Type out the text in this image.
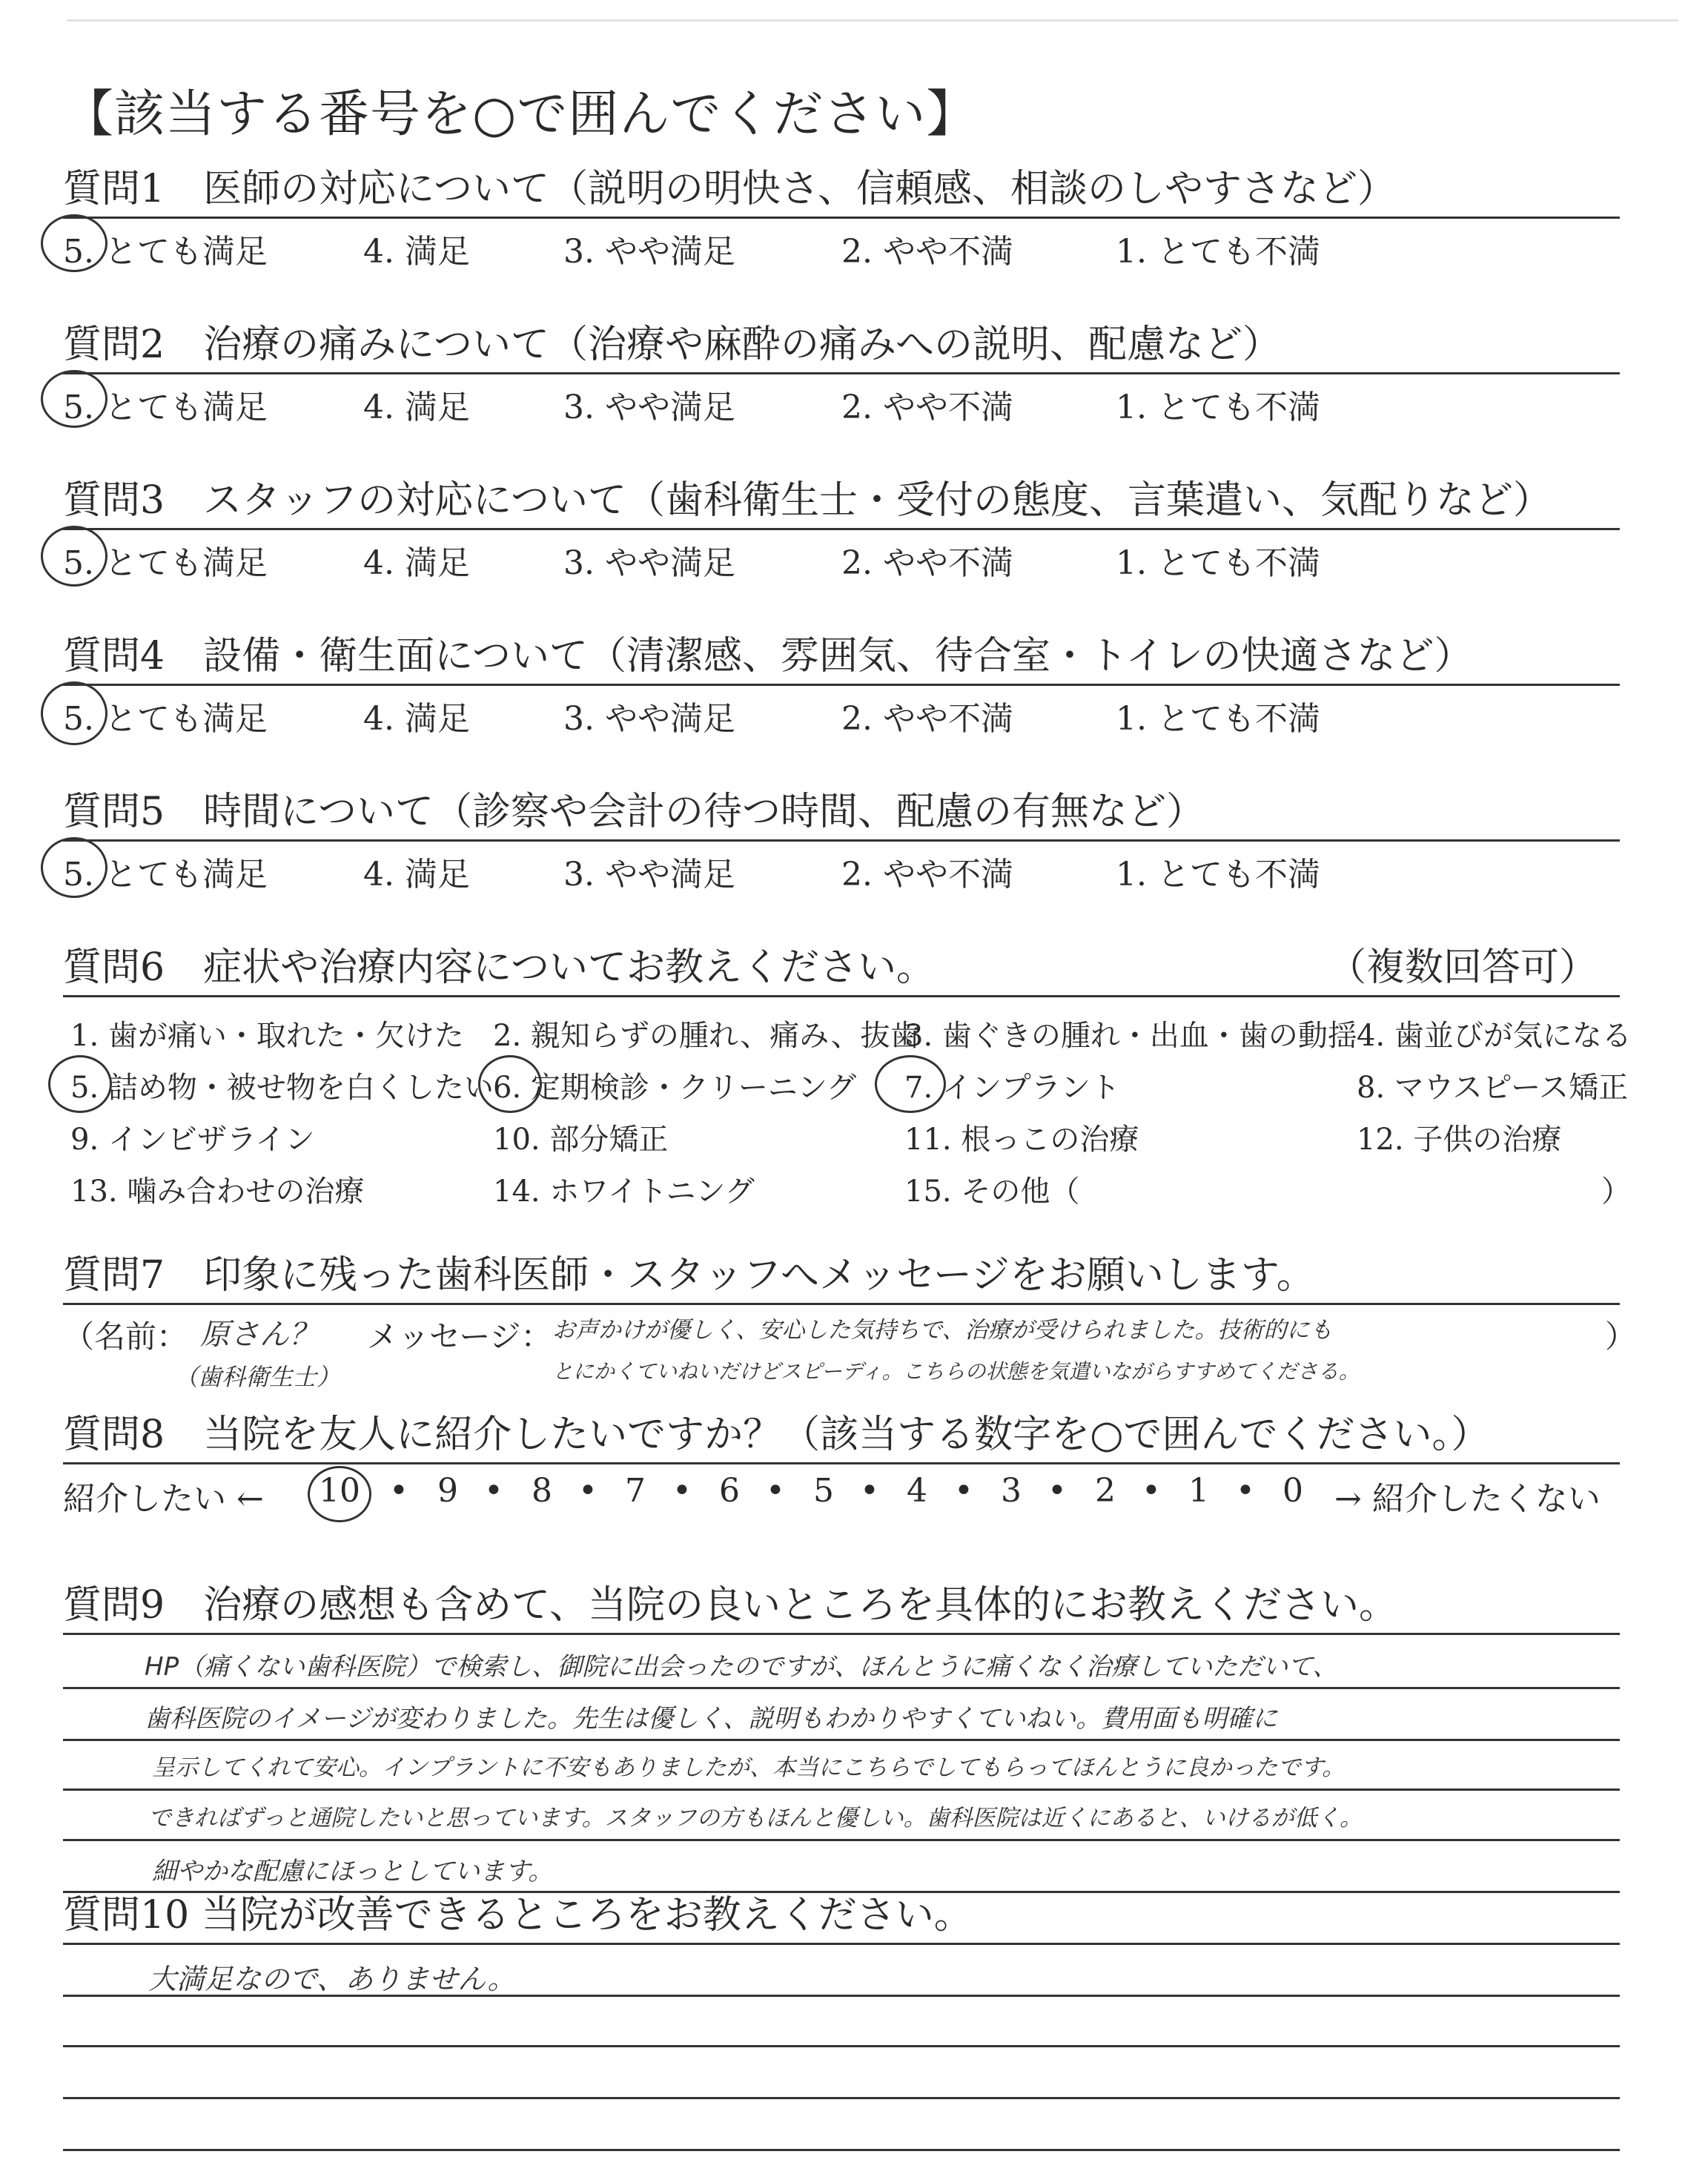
【該当する番号を○で囲んでください】
質問1　医師の対応について（説明の明快さ、信頼感、相談のしやすさなど）
5. とても満足	4. 満足	3. やや満足	2. やや不満	1. とても不満
質問2　治療の痛みについて（治療や麻酔の痛みへの説明、配慮など）
5. とても満足	4. 満足	3. やや満足	2. やや不満	1. とても不満
質問3　スタッフの対応について（歯科衛生士・受付の態度、言葉遣い、気配りなど）
5. とても満足	4. 満足	3. やや満足	2. やや不満	1. とても不満
質問4　設備・衛生面について（清潔感、雰囲気、待合室・トイレの快適さなど）
5. とても満足	4. 満足	3. やや満足	2. やや不満	1. とても不満
質問5　時間について（診察や会計の待つ時間、配慮の有無など）
5. とても満足	4. 満足	3. やや満足	2. やや不満	1. とても不満
質問6　症状や治療内容についてお教えください。	（複数回答可）
1. 歯が痛い・取れた・欠けた 2. 親知らずの腫れ、痛み、抜歯
3. 歯ぐきの腫れ・出血・歯の動揺 4. 歯並びが気になる
5. 詰め物・被せ物を白くしたい 6. 定期検診・クリーニング 7. インプラント	8. マウスピース矯正
9. インビザライン	10. 部分矯正	11. 根っこの治療	12. 子供の治療
13. 噛み合わせの治療	14. ホワイトニング	15. その他（	）
質問7　印象に残った歯科医師・スタッフへメッセージをお願いします。
（名前： 原さん？
（歯科衛生士）
メッセージ： お声かけが優しく、安心した気持ちで、治療が受けられました。技術的にも
とにかくていねいだけどスピーディ。こちらの状態を気遣いながらすすめてくださる。
）
質問8　当院を友人に紹介したいですか？（該当する数字を○で囲んでください。）
紹介したい ← 10 • 9 • 8 • 7 • 6 • 5 • 4 • 3 • 2 • 1 • 0 → 紹介したくない
質問9　治療の感想も含めて、当院の良いところを具体的にお教えください。
HP（痛くない歯科医院）で検索し、御院に出会ったのですが、ほんとうに痛くなく治療していただいて、
歯科医院のイメージが変わりました。先生は優しく、説明もわかりやすくていねい。費用面も明確に
呈示してくれて安心。インプラントに不安もありましたが、本当にこちらでしてもらってほんとうに良かったです。
できればずっと通院したいと思っています。スタッフの方もほんと優しい。歯科医院は近くにあると、いけるが低く。
細やかな配慮にほっとしています。
質問10 当院が改善できるところをお教えください。
大満足なので、ありません。
